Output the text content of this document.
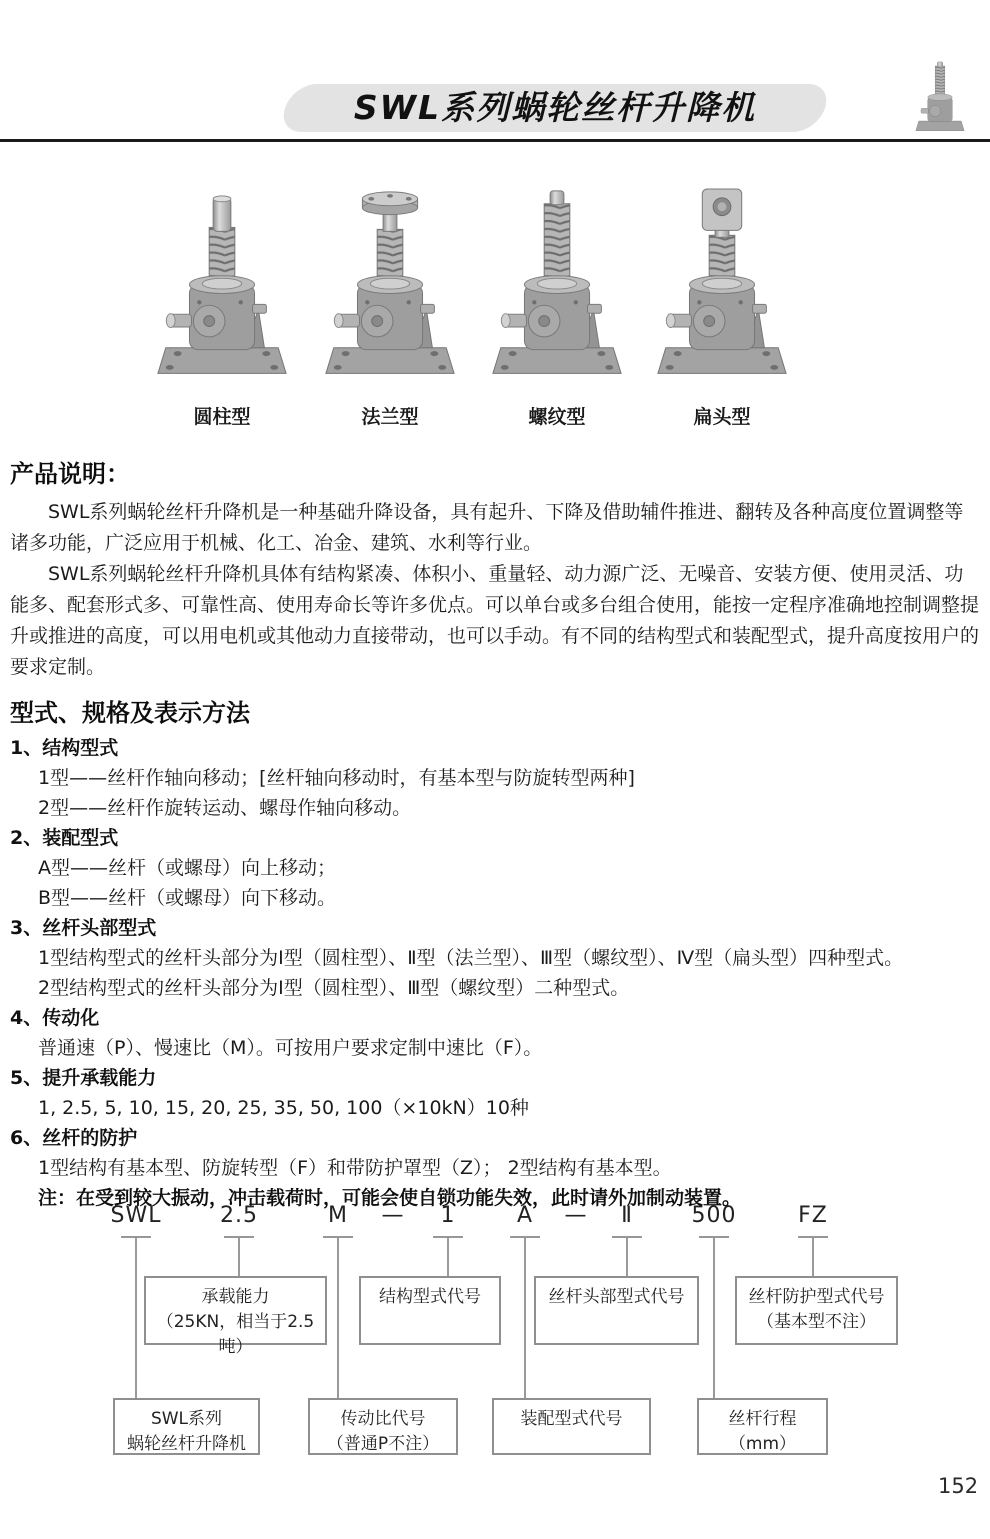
SWL系列蜗轮丝杆升降机
圆柱型	法兰型	螺纹型	扁头型
产品说明：

SWL系列蜗轮丝杆升降机是一种基础升降设备，具有起升、下降及借助辅件推进、翻转及各种高度位置调整等诸多功能，广泛应用于机械、化工、冶金、建筑、水利等行业。

SWL系列蜗轮丝杆升降机具体有结构紧凑、体积小、重量轻、动力源广泛、无噪音、安装方便、使用灵活、功能多、配套形式多、可靠性高、使用寿命长等许多优点。可以单台或多台组合使用，能按一定程序准确地控制调整提升或推进的高度，可以用电机或其他动力直接带动，也可以手动。有不同的结构型式和装配型式，提升高度按用户的要求定制。

型式、规格及表示方法
1、结构型式
1型——丝杆作轴向移动；[丝杆轴向移动时，有基本型与防旋转型两种]
2型——丝杆作旋转运动、螺母作轴向移动。
2、装配型式
A型——丝杆（或螺母）向上移动；
B型——丝杆（或螺母）向下移动。
3、丝杆头部型式
1型结构型式的丝杆头部分为Ⅰ型（圆柱型）、Ⅱ型（法兰型）、Ⅲ型（螺纹型）、Ⅳ型（扁头型）四种型式。
2型结构型式的丝杆头部分为Ⅰ型（圆柱型）、Ⅲ型（螺纹型）二种型式。
4、传动化
普通速（P）、慢速比（M）。可按用户要求定制中速比（F）。
5、提升承载能力
1, 2.5, 5, 10, 15, 20, 25, 35, 50, 100（×10kN）10种
6、丝杆的防护
1型结构有基本型、防旋转型（F）和带防护罩型（Z）； 2型结构有基本型。
注：在受到较大振动，冲击载荷时，可能会使自锁功能失效，此时请外加制动装置。
SWL	2.5	M	—	1	A	—	Ⅱ	500	FZ
承载能力
（25KN，相当于2.5吨）
结构型式代号	丝杆头部型式代号	丝杆防护型式代号
（基本型不注）
SWL系列
蜗轮丝杆升降机
传动比代号
（普通P不注）
装配型式代号	丝杆行程
（mm）
152
